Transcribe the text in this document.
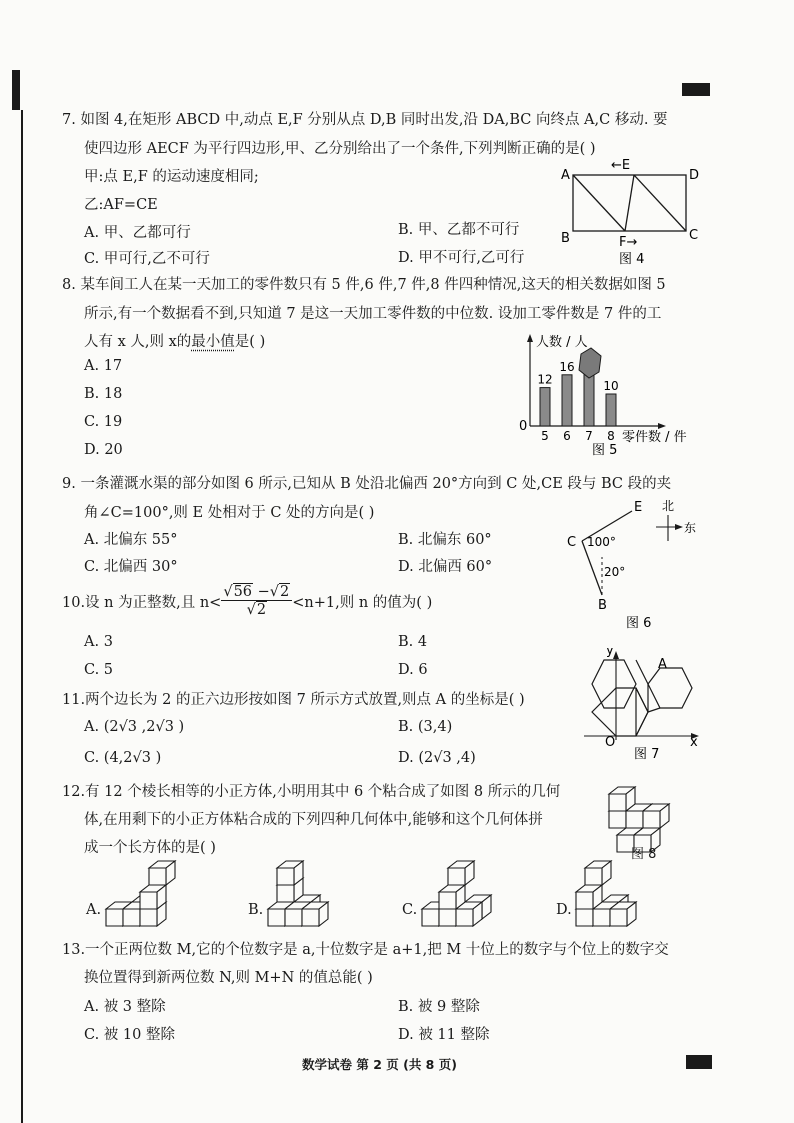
7. 如图 4,在矩形 ABCD 中,动点 E,F 分别从点 D,B 同时出发,沿 DA,BC 向终点 A,C 移动. 要
使四边形 AECF 为平行四边形,甲、乙分别给出了一个条件,下列判断正确的是( )
甲:点 E,F 的运动速度相同;
乙:AF=CE
A. 甲、乙都可行	B. 甲、乙都不可行
C. 甲可行,乙不可行	D. 甲不可行,乙可行
A	D
B	C
←E
F→
图 4
8. 某车间工人在某一天加工的零件数只有 5 件,6 件,7 件,8 件四种情况,这天的相关数据如图 5
所示,有一个数据看不到,只知道 7 是这一天加工零件数的中位数. 设加工零件数是 7 件的工
人有 x 人,则 x的最小值是( )
A. 17
B. 18
C. 19
D. 20
人数 / 人
零件数 / 件
0
12
5
16
6 7
10
8
图 5
9. 一条灌溉水渠的部分如图 6 所示,已知从 B 处沿北偏西 20°方向到 C 处,CE 段与 BC 段的夹
角∠C=100°,则 E 处相对于 C 处的方向是( )
A. 北偏东 55°	B. 北偏东 60°
C. 北偏西 30°	D. 北偏西 60°
C
E
B
100°
20°
北
东
图 6
10.设 n 为正整数,且 $n< \frac{√56 -√2}{√2} <n+1$,则 n 的值为( )
A. 3	B. 4
C. 5	D. 6
y
x
O
A
图 7
11.两个边长为 2 的正六边形按如图 7 所示方式放置,则点 A 的坐标是( )
A. (2√3 ,2√3 )	B. (3,4)
C. (4,2√3 )	D. (2√3 ,4)
12.有 12 个棱长相等的小正方体,小明用其中 6 个粘合成了如图 8 所示的几何
体,在用剩下的小正方体粘合成的下列四种几何体中,能够和这个几何体拼
成一个长方体的是( )	图 8
A.	B.	C.	D.
13.一个正两位数 M,它的个位数字是 a,十位数字是 a+1,把 M 十位上的数字与个位上的数字交
换位置得到新两位数 N,则 M+N 的值总能( )
A. 被 3 整除	B. 被 9 整除
C. 被 10 整除	D. 被 11 整除
数学试卷 第 2 页 (共 8 页)
